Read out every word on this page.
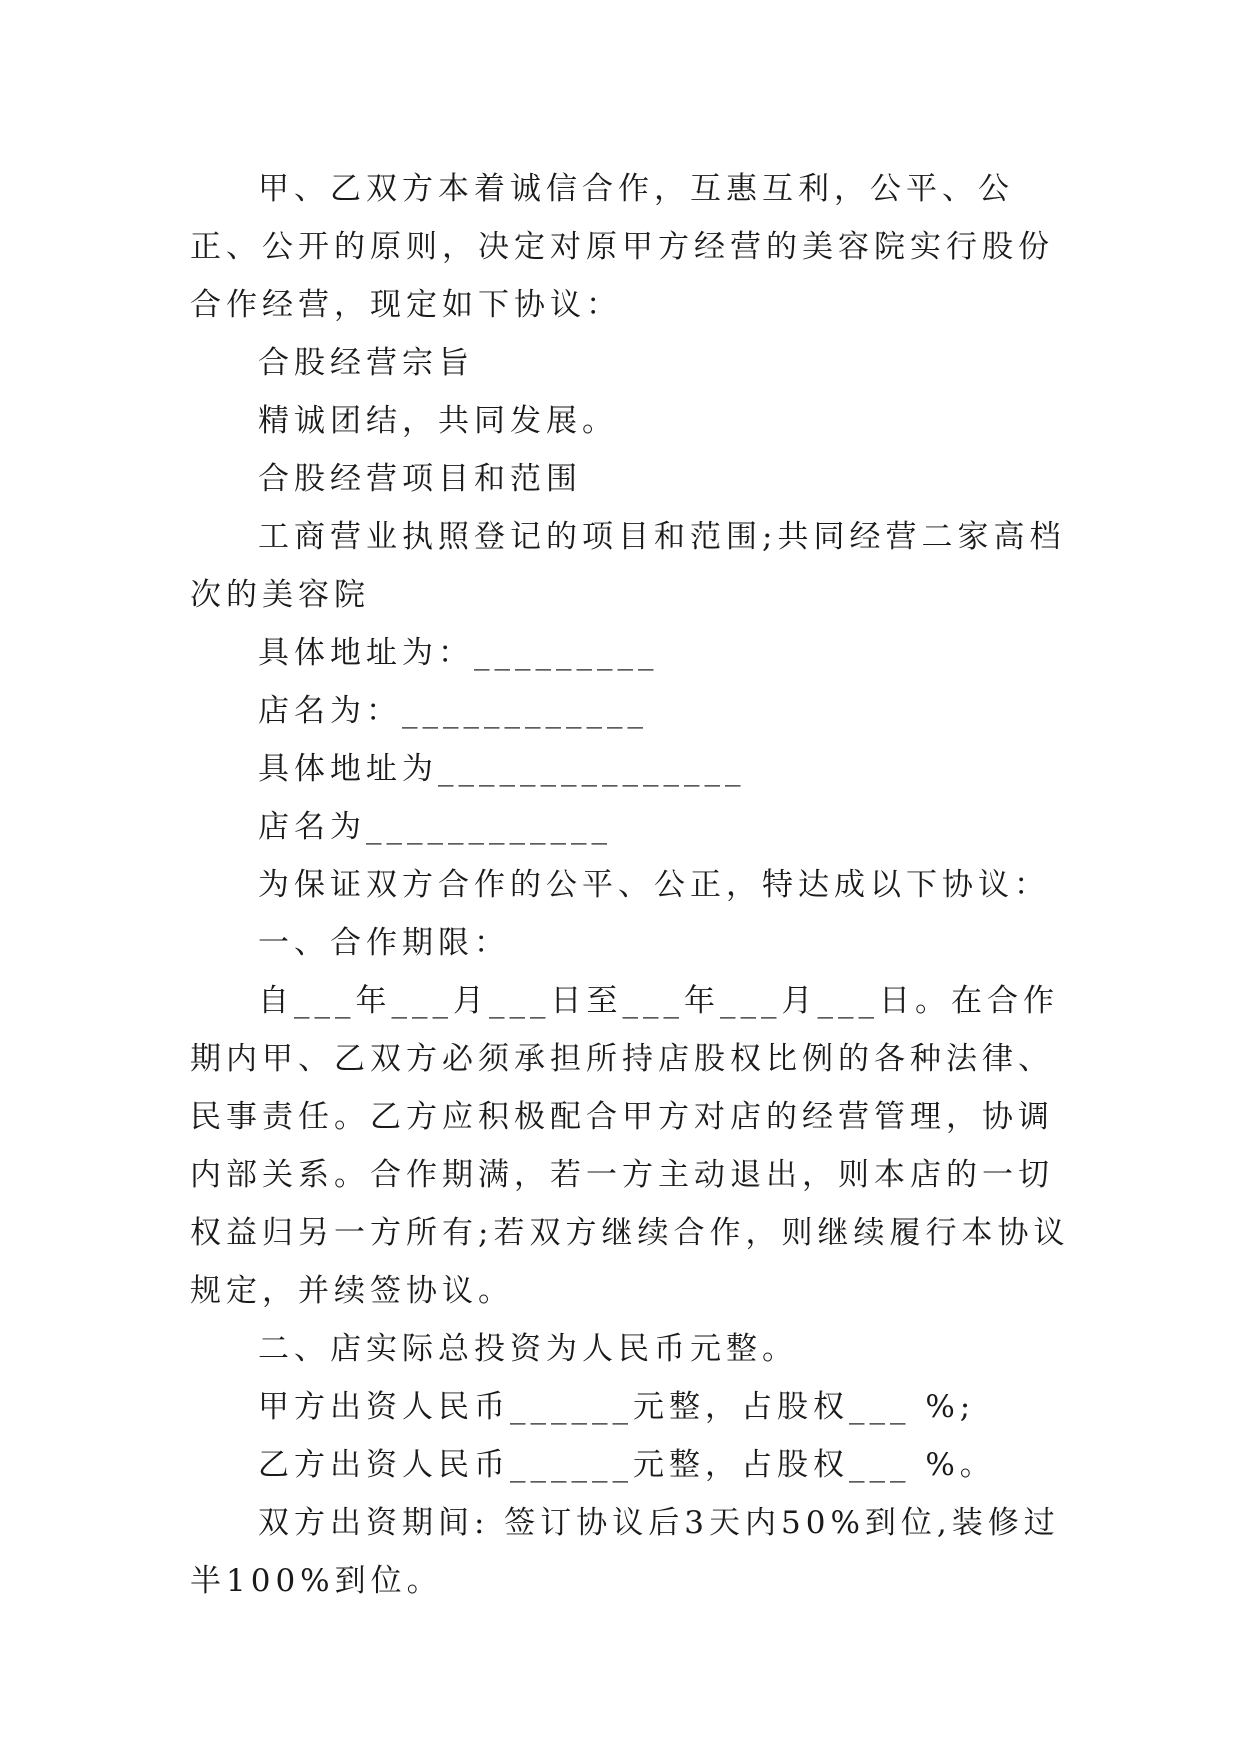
甲、乙双方本着诚信合作，互惠互利，公平、公正、公开的原则，决定对原甲方经营的美容院实行股份合作经营，现定如下协议：

合股经营宗旨

精诚团结，共同发展。

合股经营项目和范围

工商营业执照登记的项目和范围;共同经营二家高档次的美容院

具体地址为：_________

店名为：____________

具体地址为_______________

店名为____________

为保证双方合作的公平、公正，特达成以下协议：

一、合作期限：

自___年___月___日至___年___月___日。在合作期内甲、乙双方必须承担所持店股权比例的各种法律、民事责任。乙方应积极配合甲方对店的经营管理，协调内部关系。合作期满，若一方主动退出，则本店的一切权益归另一方所有;若双方继续合作，则继续履行本协议规定，并续签协议。

二、店实际总投资为人民币元整。

甲方出资人民币______元整，占股权___ %;

乙方出资人民币______元整，占股权___ %。

双方出资期间: 签订协议后3天内50%到位,装修过半100%到位。
